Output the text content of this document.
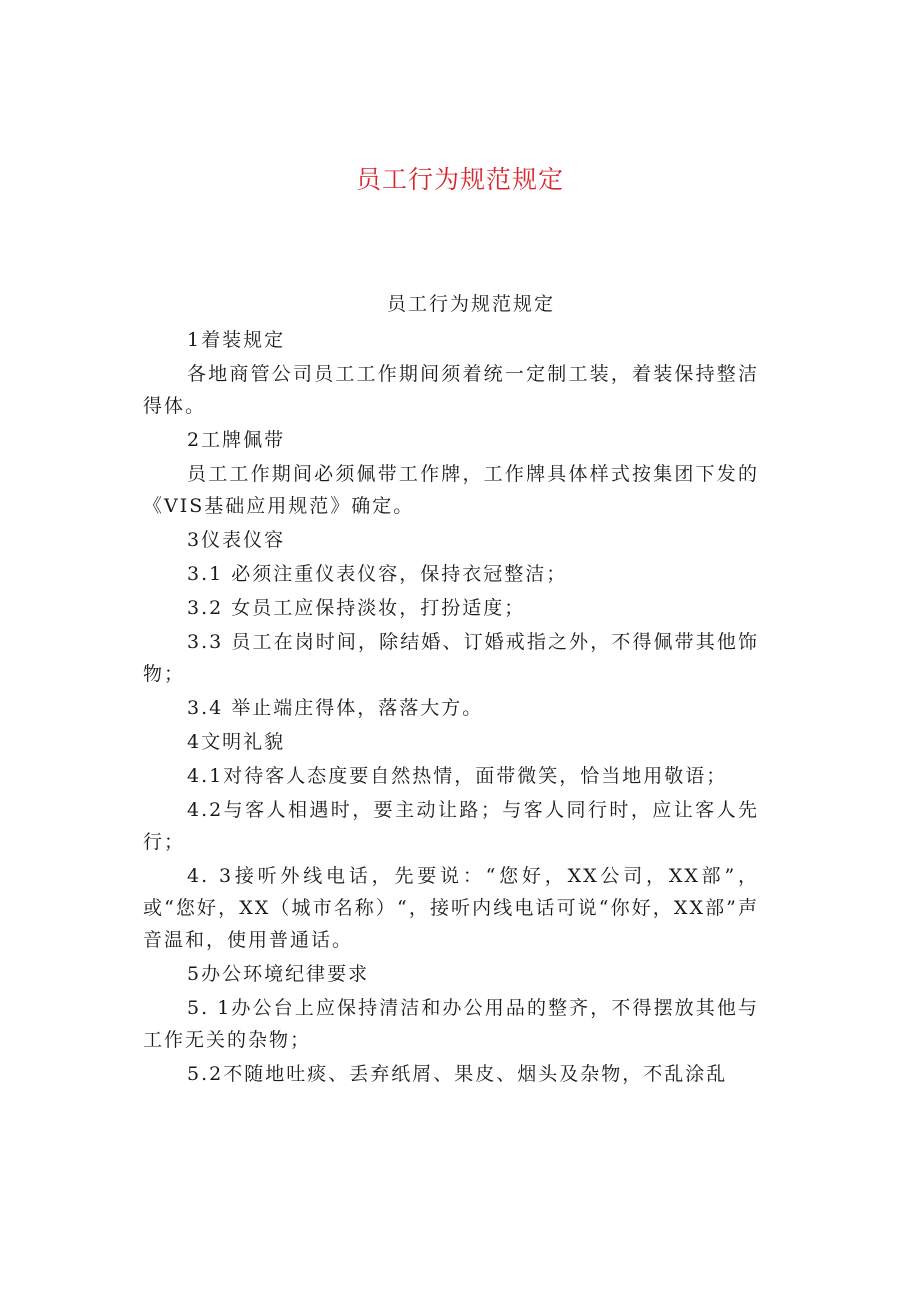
员工行为规范规定
员工行为规范规定

1着装规定

各地商管公司员工工作期间须着统一定制工装，着装保持整洁得体。

2工牌佩带

员工工作期间必须佩带工作牌，工作牌具体样式按集团下发的《VIS基础应用规范》确定。

3仪表仪容

3.1 必须注重仪表仪容，保持衣冠整洁；

3.2 女员工应保持淡妆，打扮适度；

3.3 员工在岗时间，除结婚、订婚戒指之外，不得佩带其他饰物；

3.4 举止端庄得体，落落大方。

4文明礼貌

4.1对待客人态度要自然热情，面带微笑，恰当地用敬语；

4.2与客人相遇时，要主动让路；与客人同行时，应让客人先行；

4. 3接听外线电话，先要说：“您好，XX公司，XX部”，或“您好，XX（城市名称）“，接听内线电话可说“你好，XX部”声音温和，使用普通话。

5办公环境纪律要求

5. 1办公台上应保持清洁和办公用品的整齐，不得摆放其他与工作无关的杂物；

5.2不随地吐痰、丢弃纸屑、果皮、烟头及杂物，不乱涂乱
